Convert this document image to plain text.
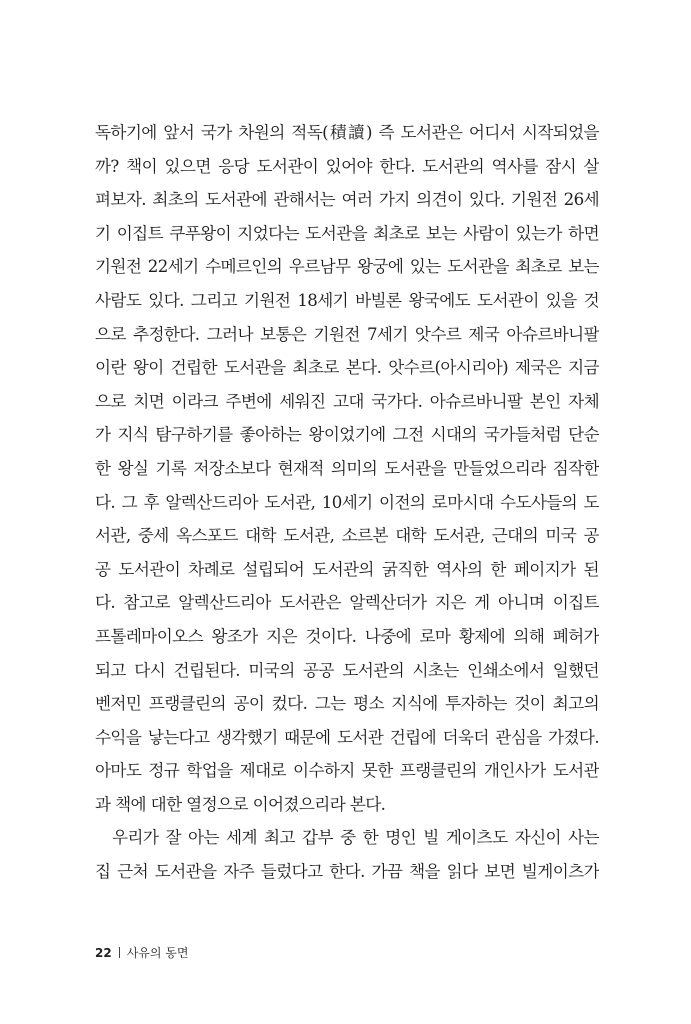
독하기에 앞서 국가 차원의 적독(積讀) 즉 도서관은 어디서 시작되었을
까? 책이 있으면 응당 도서관이 있어야 한다. 도서관의 역사를 잠시 살
펴보자. 최초의 도서관에 관해서는 여러 가지 의견이 있다. 기원전 26세
기 이집트 쿠푸왕이 지었다는 도서관을 최초로 보는 사람이 있는가 하면
기원전 22세기 수메르인의 우르남무 왕궁에 있는 도서관을 최초로 보는
사람도 있다. 그리고 기원전 18세기 바빌론 왕국에도 도서관이 있을 것
으로 추정한다. 그러나 보통은 기원전 7세기 앗수르 제국 아슈르바니팔
이란 왕이 건립한 도서관을 최초로 본다. 앗수르(아시리아) 제국은 지금
으로 치면 이라크 주변에 세워진 고대 국가다. 아슈르바니팔 본인 자체
가 지식 탐구하기를 좋아하는 왕이었기에 그전 시대의 국가들처럼 단순
한 왕실 기록 저장소보다 현재적 의미의 도서관을 만들었으리라 짐작한
다. 그 후 알렉산드리아 도서관, 10세기 이전의 로마시대 수도사들의 도
서관, 중세 옥스포드 대학 도서관, 소르본 대학 도서관, 근대의 미국 공
공 도서관이 차례로 설립되어 도서관의 굵직한 역사의 한 페이지가 된
다. 참고로 알렉산드리아 도서관은 알렉산더가 지은 게 아니며 이집트
프톨레마이오스 왕조가 지은 것이다. 나중에 로마 황제에 의해 폐허가
되고 다시 건립된다. 미국의 공공 도서관의 시초는 인쇄소에서 일했던
벤저민 프랭클린의 공이 컸다. 그는 평소 지식에 투자하는 것이 최고의
수익을 낳는다고 생각했기 때문에 도서관 건립에 더욱더 관심을 가졌다.
아마도 정규 학업을 제대로 이수하지 못한 프랭클린의 개인사가 도서관
과 책에 대한 열정으로 이어졌으리라 본다.
우리가 잘 아는 세계 최고 갑부 중 한 명인 빌 게이츠도 자신이 사는
집 근처 도서관을 자주 들렀다고 한다. 가끔 책을 읽다 보면 빌게이츠가
22 사유의 동면
